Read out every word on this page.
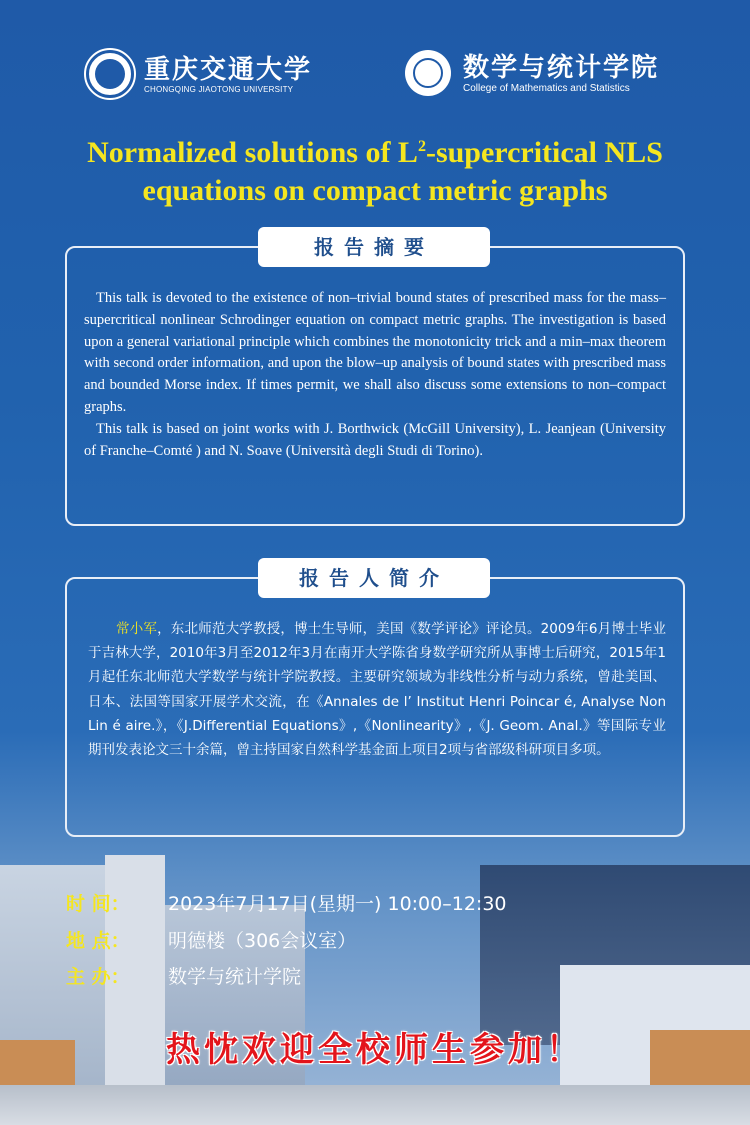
重庆交通大学
CHONGQING JIAOTONG UNIVERSITY
数学与统计学院
College of Mathematics and Statistics
Normalized solutions of $L^2$-supercritical NLS
equations on compact metric graphs
报告摘要

This talk is devoted to the existence of non–trivial bound states of prescribed mass for the mass–supercritical nonlinear Schrodinger equation on compact metric graphs. The investigation is based upon a general variational principle which combines the monotonicity trick and a min–max theorem with second order information, and upon the blow–up analysis of bound states with prescribed mass and bounded Morse index. If times permit, we shall also discuss some extensions to non–compact graphs.

This talk is based on joint works with J. Borthwick (McGill University), L. Jeanjean (University of Franche–Comté ) and N. Soave (Università degli Studi di Torino).

报告人简介

常小军，东北师范大学教授，博士生导师，美国《数学评论》评论员。2009年6月博士毕业于吉林大学，2010年3月至2012年3月在南开大学陈省身数学研究所从事博士后研究，2015年1月起任东北师范大学数学与统计学院教授。主要研究领域为非线性分析与动力系统，曾赴美国、日本、法国等国家开展学术交流，在《Annales de l’ Institut Henri Poincar é, Analyse Non Lin é aire.》，《J.Differential Equations》,《Nonlinearity》,《J. Geom. Anal.》等国际专业期刊发表论文三十余篇，曾主持国家自然科学基金面上项目2项与省部级科研项目多项。

时 间： 2023年7月17日(星期一) 10:00–12:30
地 点： 明德楼（306会议室）
主 办： 数学与统计学院
热忱欢迎全校师生参加！
